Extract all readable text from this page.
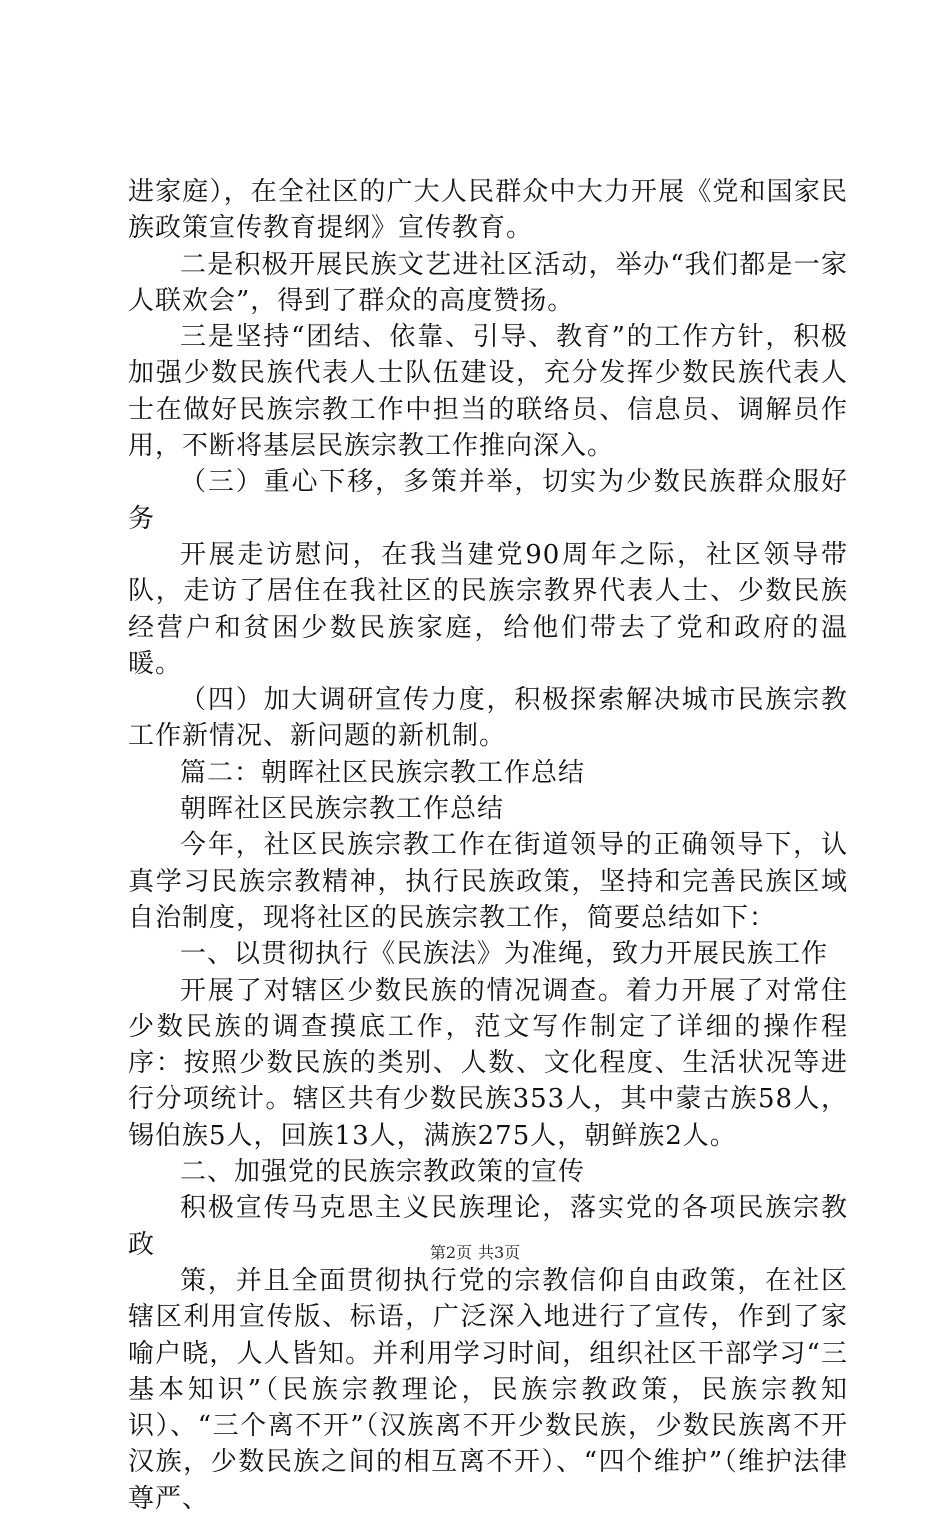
进家庭），在全社区的广大人民群众中大力开展《党和国家民族政策宣传教育提纲》宣传教育。

二是积极开展民族文艺进社区活动，举办“我们都是一家人联欢会”，得到了群众的高度赞扬。

三是坚持“团结、依靠、引导、教育”的工作方针，积极加强少数民族代表人士队伍建设，充分发挥少数民族代表人士在做好民族宗教工作中担当的联络员、信息员、调解员作用，不断将基层民族宗教工作推向深入。

（三）重心下移，多策并举，切实为少数民族群众服好务

开展走访慰问，在我当建党90周年之际，社区领导带队，走访了居住在我社区的民族宗教界代表人士、少数民族经营户和贫困少数民族家庭，给他们带去了党和政府的温暖。

（四）加大调研宣传力度，积极探索解决城市民族宗教工作新情况、新问题的新机制。

篇二：朝晖社区民族宗教工作总结

朝晖社区民族宗教工作总结

今年，社区民族宗教工作在街道领导的正确领导下，认真学习民族宗教精神，执行民族政策，坚持和完善民族区域自治制度，现将社区的民族宗教工作，简要总结如下：

一、以贯彻执行《民族法》为准绳，致力开展民族工作

开展了对辖区少数民族的情况调查。着力开展了对常住少数民族的调查摸底工作，范文写作制定了详细的操作程序：按照少数民族的类别、人数、文化程度、生活状况等进行分项统计。辖区共有少数民族353人，其中蒙古族58人，锡伯族5人，回族13人，满族275人，朝鲜族2人。

二、加强党的民族宗教政策的宣传

积极宣传马克思主义民族理论，落实党的各项民族宗教政

策，并且全面贯彻执行党的宗教信仰自由政策，在社区辖区利用宣传版、标语，广泛深入地进行了宣传，作到了家喻户晓，人人皆知。并利用学习时间，组织社区干部学习“三基本知识”（民族宗教理论，民族宗教政策，民族宗教知识）、“三个离不开”（汉族离不开少数民族，少数民族离不开汉族，少数民族之间的相互离不开）、“四个维护”（维护法律尊严、

第2页 共3页
